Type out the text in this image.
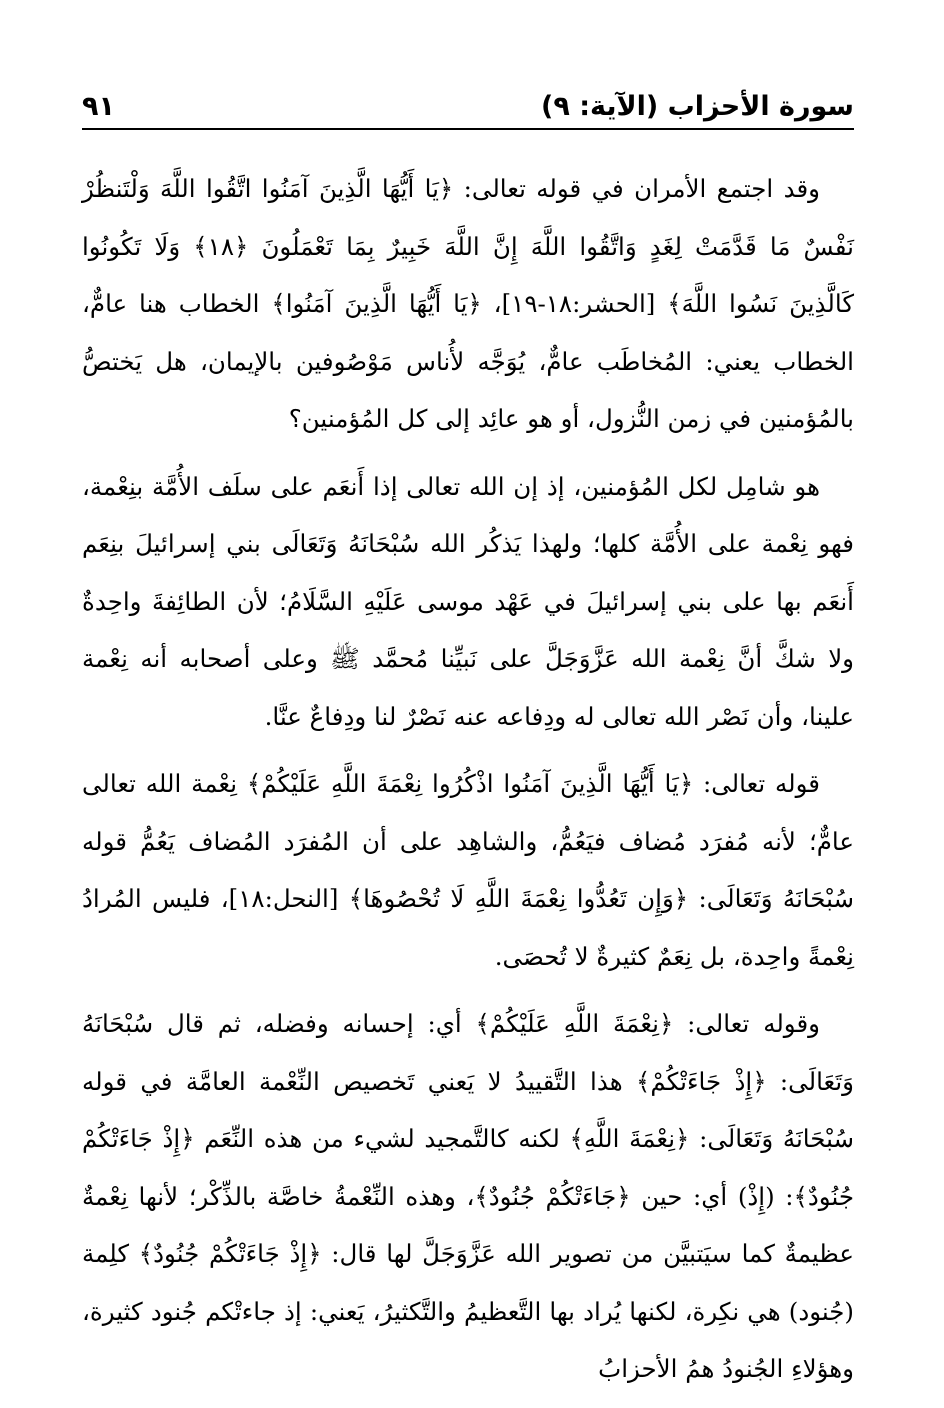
سورة الأحزاب (الآية: ٩)
٩١

وقد اجتمع الأمران في قوله تعالى: ﴿يَا أَيُّهَا الَّذِينَ آمَنُوا اتَّقُوا اللَّهَ وَلْتَنظُرْ نَفْسٌ مَا قَدَّمَتْ لِغَدٍ وَاتَّقُوا اللَّهَ إِنَّ اللَّهَ خَبِيرٌ بِمَا تَعْمَلُونَ ﴿١٨﴾ وَلَا تَكُونُوا كَالَّذِينَ نَسُوا اللَّهَ﴾ [الحشر:١٨-١٩]، ﴿يَا أَيُّهَا الَّذِينَ آمَنُوا﴾ الخطاب هنا عامٌّ، الخطاب يعني: المُخاطَب عامٌّ، يُوَجَّه لأُناس مَوْصُوفين بالإيمان، هل يَختصُّ بالمُؤمنين في زمن النُّزول، أو هو عائِد إلى كل المُؤمنين؟

هو شامِل لكل المُؤمنين، إذ إن الله تعالى إذا أَنعَم على سلَف الأُمَّة بنِعْمة، فهو نِعْمة على الأُمَّة كلها؛ ولهذا يَذكُر الله سُبْحَانَهُ وَتَعَالَى بني إسرائيلَ بنِعَم أَنعَم بها على بني إسرائيلَ في عَهْد موسى عَلَيْهِ السَّلَامُ؛ لأن الطائِفةَ واحِدةٌ ولا شكَّ أنَّ نِعْمة الله عَزَّوَجَلَّ على نَبيِّنا مُحمَّد ﷺ وعلى أصحابه أنه نِعْمة علينا، وأن نَصْر الله تعالى له ودِفاعه عنه نَصْرٌ لنا ودِفاعٌ عنَّا.

قوله تعالى: ﴿يَا أَيُّهَا الَّذِينَ آمَنُوا اذْكُرُوا نِعْمَةَ اللَّهِ عَلَيْكُمْ﴾ نِعْمة الله تعالى عامٌّ؛ لأنه مُفرَد مُضاف فيَعُمُّ، والشاهِد على أن المُفرَد المُضاف يَعُمُّ قوله سُبْحَانَهُ وَتَعَالَى: ﴿وَإِن تَعُدُّوا نِعْمَةَ اللَّهِ لَا تُحْصُوهَا﴾ [النحل:١٨]، فليس المُرادُ نِعْمةً واحِدة، بل نِعَمٌ كثيرةٌ لا تُحصَى.

وقوله تعالى: ﴿نِعْمَةَ اللَّهِ عَلَيْكُمْ﴾ أي: إحسانه وفضله، ثم قال سُبْحَانَهُ وَتَعَالَى: ﴿إِذْ جَاءَتْكُمْ﴾ هذا التَّقييدُ لا يَعني تَخصيص النِّعْمة العامَّة في قوله سُبْحَانَهُ وَتَعَالَى: ﴿نِعْمَةَ اللَّهِ﴾ لكنه كالتَّمجيد لشيء من هذه النِّعَم ﴿إِذْ جَاءَتْكُمْ جُنُودٌ﴾: (إِذْ) أي: حين ﴿جَاءَتْكُمْ جُنُودٌ﴾، وهذه النِّعْمةُ خاصَّة بالذِّكْر؛ لأنها نِعْمةٌ عظيمةٌ كما سيَتبيَّن من تصوير الله عَزَّوَجَلَّ لها قال: ﴿إِذْ جَاءَتْكُمْ جُنُودٌ﴾ كلِمة (جُنود) هي نكِرة، لكنها يُراد بها التَّعظيمُ والتَّكثيرُ، يَعني: إذ جاءتْكم جُنود كثيرة، وهؤلاءِ الجُنودُ همُ الأحزابُ
